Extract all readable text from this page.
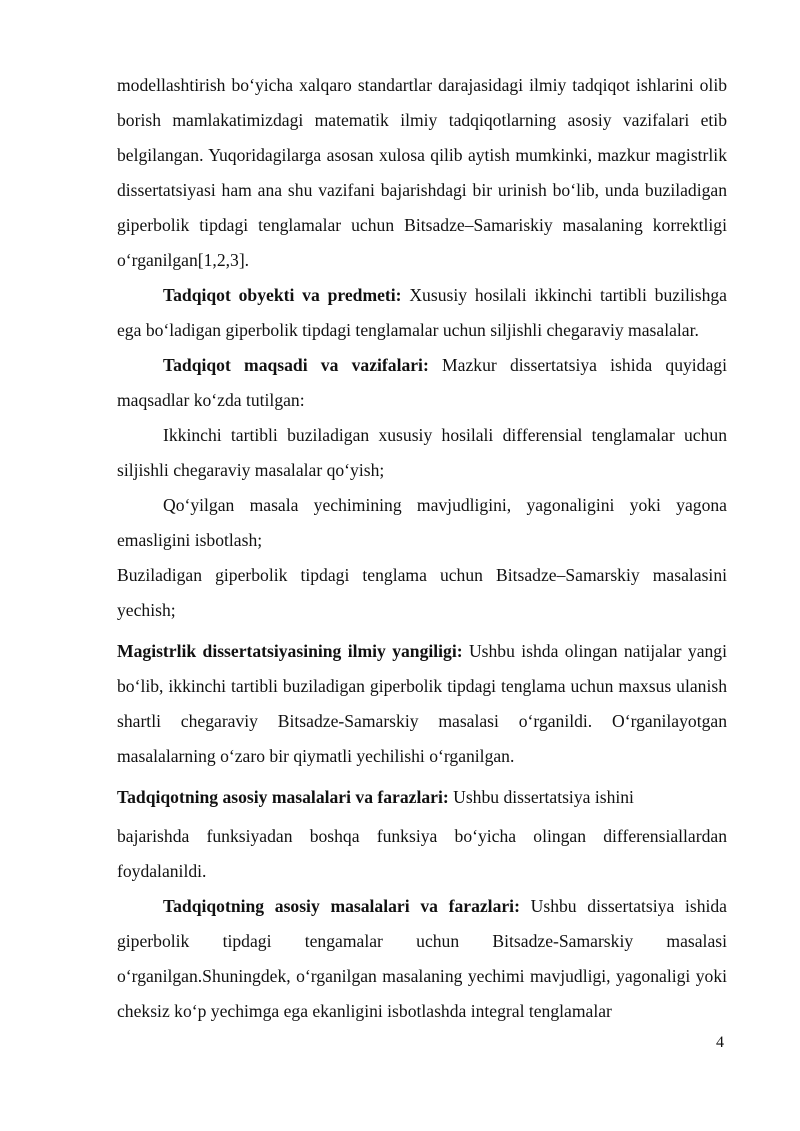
modellashtirish bo‘yicha xalqaro standartlar darajasidagi ilmiy tadqiqot ishlarini olib borish mamlakatimizdagi matematik ilmiy tadqiqotlarning asosiy vazifalari etib belgilangan. Yuqoridagilarga asosan xulosa qilib aytish mumkinki, mazkur magistrlik dissertatsiyasi ham ana shu vazifani bajarishdagi bir urinish bo‘lib, unda buziladigan giperbolik tipdagi tenglamalar uchun Bitsadze–Samariskiy masalaning korrektligi o‘rganilgan[1,2,3].

Tadqiqot obyekti va predmeti: Xususiy hosilali ikkinchi tartibli buzilishga ega bo‘ladigan giperbolik tipdagi tenglamalar uchun siljishli chegaraviy masalalar.

Tadqiqot maqsadi va vazifalari: Mazkur dissertatsiya ishida quyidagi maqsadlar ko‘zda tutilgan:

Ikkinchi tartibli buziladigan xususiy hosilali differensial tenglamalar uchun siljishli chegaraviy masalalar qo‘yish;

Qo‘yilgan masala yechimining mavjudligini, yagonaligini yoki yagona emasligini isbotlash;

Buziladigan giperbolik tipdagi tenglama uchun Bitsadze–Samarskiy masalasini yechish;

Magistrlik dissertatsiyasining ilmiy yangiligi: Ushbu ishda olingan natijalar yangi bo‘lib, ikkinchi tartibli buziladigan giperbolik tipdagi tenglama uchun maxsus ulanish shartli chegaraviy Bitsadze-Samarskiy masalasi o‘rganildi. O‘rganilayotgan masalalarning o‘zaro bir qiymatli yechilishi o‘rganilgan.

Tadqiqotning asosiy masalalari va farazlari: Ushbu dissertatsiya ishini

bajarishda funksiyadan boshqa funksiya bo‘yicha olingan differensiallardan foydalanildi.

Tadqiqotning asosiy masalalari va farazlari: Ushbu dissertatsiya ishida giperbolik tipdagi tengamalar uchun Bitsadze-Samarskiy masalasi o‘rganilgan.Shuningdek, o‘rganilgan masalaning yechimi mavjudligi, yagonaligi yoki cheksiz ko‘p yechimga ega ekanligini isbotlashda integral tenglamalar

4
